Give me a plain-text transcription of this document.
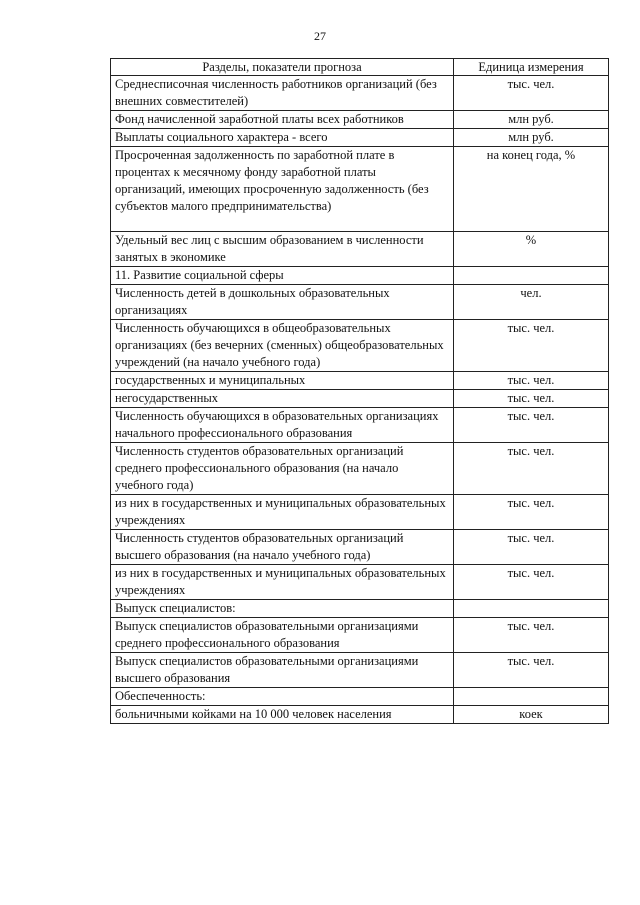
27
Разделы, показатели прогноза	Единица измерения
Среднесписочная численность работников организаций (без внешних совместителей)	тыс. чел.
Фонд начисленной заработной платы всех работников	млн руб.
Выплаты социального характера - всего	млн руб.
Просроченная задолженность по заработной плате в процентах к месячному фонду заработной платы организаций, имеющих просроченную задолженность (без субъектов малого предпринимательства)	на конец года, %
Удельный вес лиц с высшим образованием в численности занятых в экономике	%
11. Развитие социальной сферы	
Численность детей в дошкольных образовательных организациях	чел.
Численность обучающихся в общеобразовательных организациях (без вечерних (сменных) общеобразовательных учреждений (на начало учебного года)	тыс. чел.
государственных и муниципальных	тыс. чел.
негосударственных	тыс. чел.
Численность обучающихся в образовательных организациях начального профессионального образования	тыс. чел.
Численность студентов образовательных организаций среднего профессионального образования (на начало учебного года)	тыс. чел.
из них в государственных и муниципальных образовательных учреждениях	тыс. чел.
Численность студентов образовательных организаций высшего образования (на начало учебного года)	тыс. чел.
из них в государственных и муниципальных образовательных учреждениях	тыс. чел.
Выпуск специалистов:	
Выпуск специалистов образовательными организациями среднего профессионального образования	тыс. чел.
Выпуск специалистов образовательными организациями высшего образования	тыс. чел.
Обеспеченность:	
больничными койками на 10 000 человек населения	коек
